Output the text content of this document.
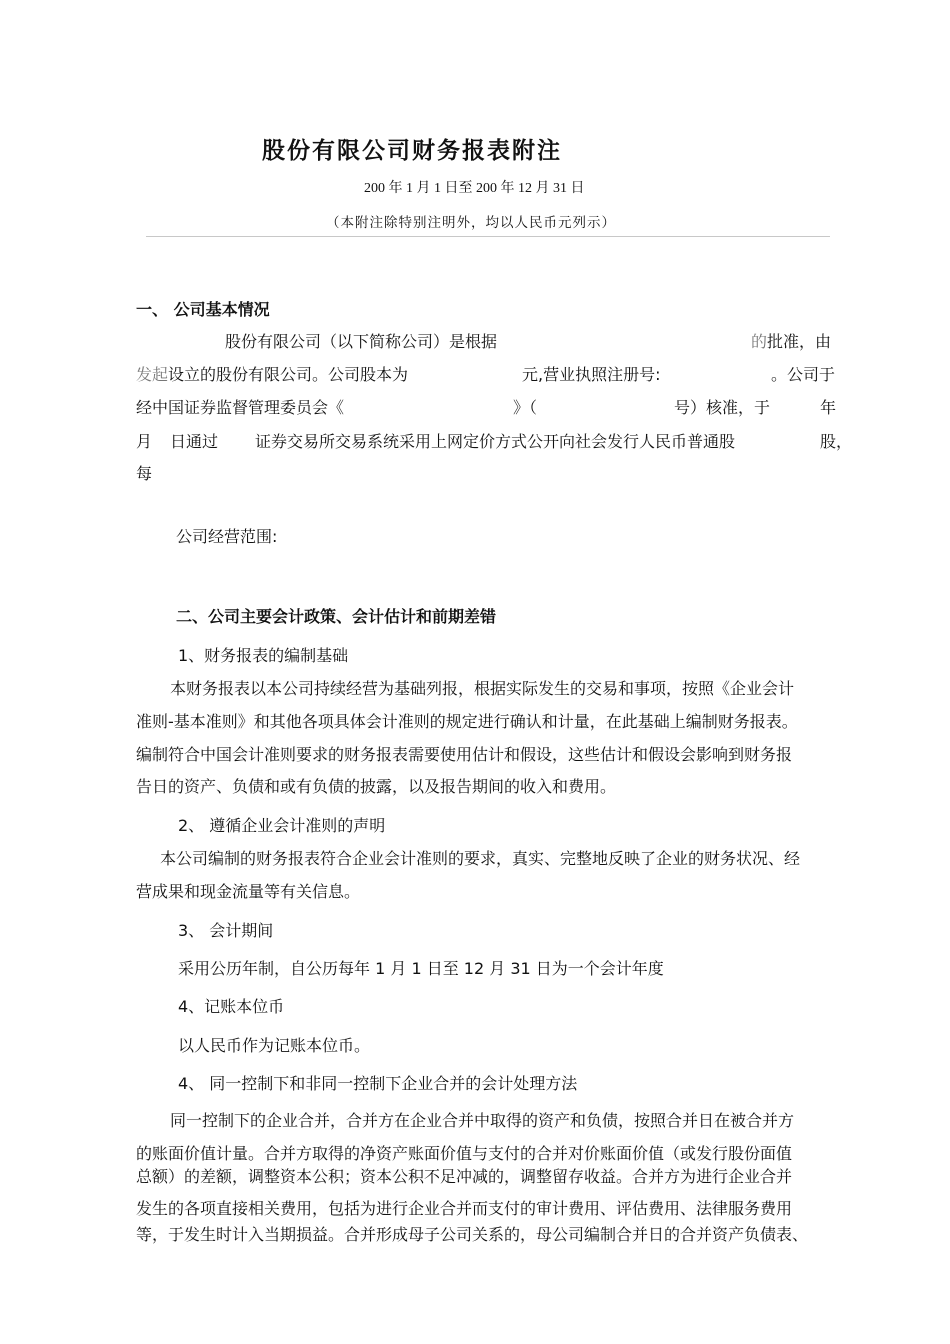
股份有限公司财务报表附注
200 年 1 月 1 日至 200 年 12 月 31 日
（本附注除特别注明外，均以人民币元列示）
一、 公司基本情况
股份有限公司（以下简称公司）是根据	的 批准，由
发起 设立的股份有限公司。公司股本为	元,营业执照注册号:	。公司于
经中国证券监督管理委员会《	》（	号）核准，于	年
月 日通过 证券交易所交易系统采用上网定价方式公开向社会发行人民币普通股	股，
每
公司经营范围:
二、公司主要会计政策、会计估计和前期差错
1、财务报表的编制基础
本财务报表以本公司持续经营为基础列报，根据实际发生的交易和事项，按照《企业会计
准则-基本准则》和其他各项具体会计准则的规定进行确认和计量，在此基础上编制财务报表。
编制符合中国会计准则要求的财务报表需要使用估计和假设，这些估计和假设会影响到财务报
告日的资产、负债和或有负债的披露，以及报告期间的收入和费用。
2、 遵循企业会计准则的声明
本公司编制的财务报表符合企业会计准则的要求，真实、完整地反映了企业的财务状况、经
营成果和现金流量等有关信息。
3、 会计期间
采用公历年制，自公历每年 1 月 1 日至 12 月 31 日为一个会计年度
4、记账本位币
以人民币作为记账本位币。
4、 同一控制下和非同一控制下企业合并的会计处理方法
同一控制下的企业合并，合并方在企业合并中取得的资产和负债，按照合并日在被合并方
的账面价值计量。合并方取得的净资产账面价值与支付的合并对价账面价值（或发行股份面值
总额）的差额，调整资本公积；资本公积不足冲减的，调整留存收益。合并方为进行企业合并
发生的各项直接相关费用，包括为进行企业合并而支付的审计费用、评估费用、法律服务费用
等，于发生时计入当期损益。合并形成母子公司关系的，母公司编制合并日的合并资产负债表、
